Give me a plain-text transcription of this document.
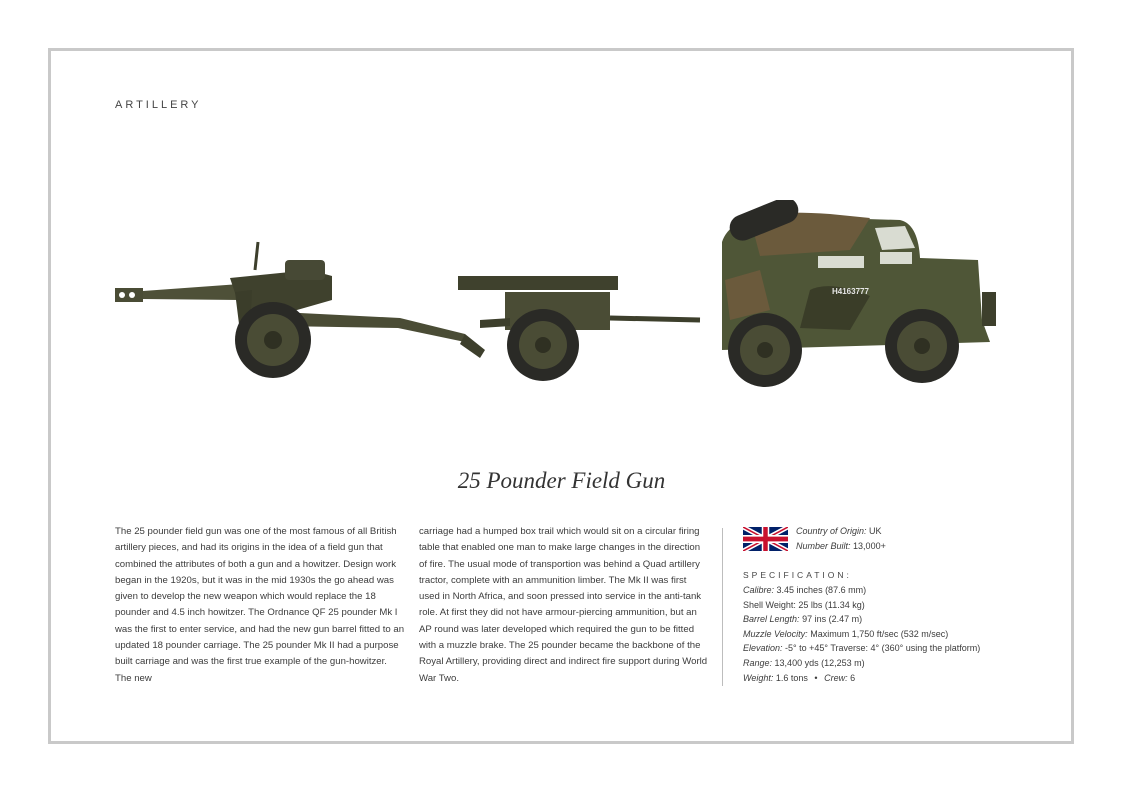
ARTILLERY
H4163777
25 Pounder Field Gun
The 25 pounder field gun was one of the most famous of all British artillery pieces, and had its origins in the idea of a field gun that combined the attributes of both a gun and a howitzer. Design work began in the 1920s, but it was in the mid 1930s the go ahead was given to develop the new weapon which would replace the 18 pounder and 4.5 inch howitzer. The Ordnance QF 25 pounder Mk I was the first to enter service, and had the new gun barrel fitted to an updated 18 pounder carriage. The 25 pounder Mk II had a purpose built carriage and was the first true example of the gun-howitzer. The new
carriage had a humped box trail which would sit on a circular firing table that enabled one man to make large changes in the direction of fire. The usual mode of transportion was behind a Quad artillery tractor, complete with an ammunition limber. The Mk II was first used in North Africa, and soon pressed into service in the anti-tank role. At first they did not have armour-piercing ammunition, but an AP round was later developed which required the gun to be fitted with a muzzle brake. The 25 pounder became the backbone of the Royal Artillery, providing direct and indirect fire support during World War Two.
Country of Origin: UK
Number Built: 13,000+
SPECIFICATION:
Calibre: 3.45 inches (87.6 mm)
Shell Weight: 25 lbs (11.34 kg)
Barrel Length: 97 ins (2.47 m)
Muzzle Velocity: Maximum 1,750 ft/sec (532 m/sec)
Elevation: -5° to +45° Traverse: 4° (360° using the platform)
Range: 13,400 yds (12,253 m)
Weight: 1.6 tons • Crew: 6
